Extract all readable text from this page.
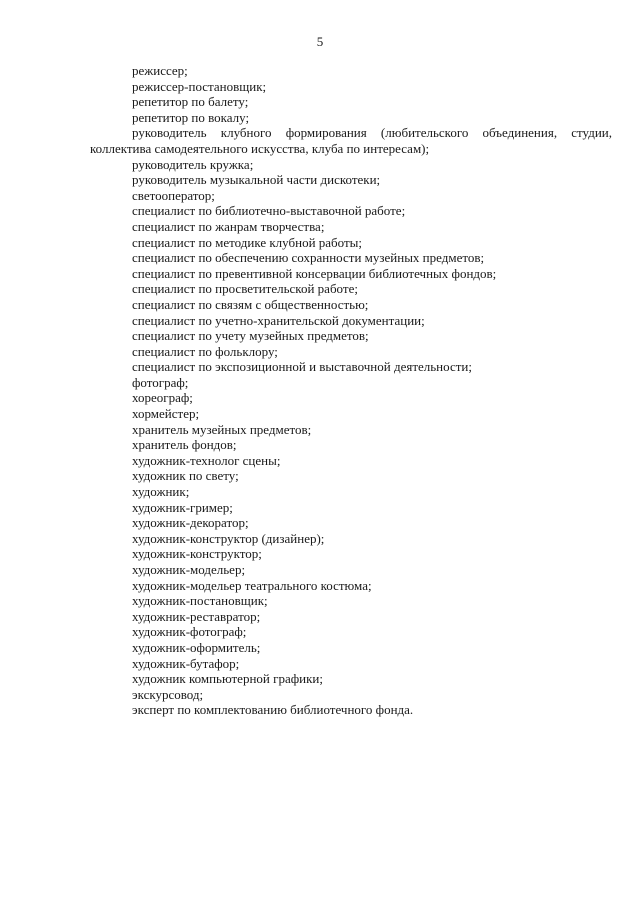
5
режиссер;
режиссер-постановщик;
репетитор по балету;
репетитор по вокалу;
руководитель клубного формирования (любительского объединения, студии, коллектива самодеятельного искусства, клуба по интересам);
руководитель кружка;
руководитель музыкальной части дискотеки;
светооператор;
специалист по библиотечно-выставочной работе;
специалист по жанрам творчества;
специалист по методике клубной работы;
специалист по обеспечению сохранности музейных предметов;
специалист по превентивной консервации библиотечных фондов;
специалист по просветительской работе;
специалист по связям с общественностью;
специалист по учетно-хранительской документации;
специалист по учету музейных предметов;
специалист по фольклору;
специалист по экспозиционной и выставочной деятельности;
фотограф;
хореограф;
хормейстер;
хранитель музейных предметов;
хранитель фондов;
художник-технолог сцены;
художник по свету;
художник;
художник-гример;
художник-декоратор;
художник-конструктор (дизайнер);
художник-конструктор;
художник-модельер;
художник-модельер театрального костюма;
художник-постановщик;
художник-реставратор;
художник-фотограф;
художник-оформитель;
художник-бутафор;
художник компьютерной графики;
экскурсовод;
эксперт по комплектованию библиотечного фонда.
